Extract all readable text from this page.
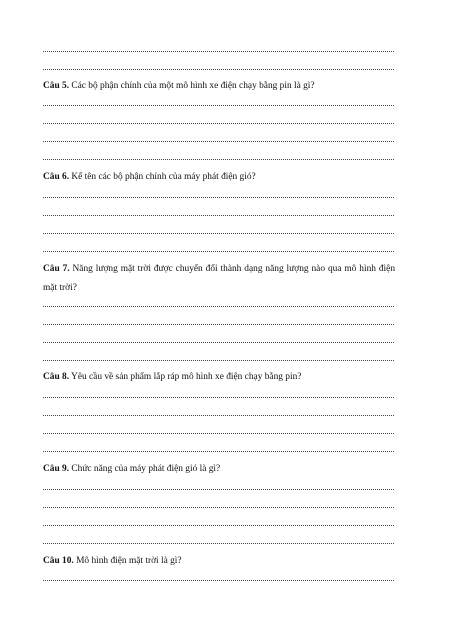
Câu 5. Các bộ phận chính của một mô hình xe điện chạy bằng pin là gì?
Câu 6. Kể tên các bộ phận chính của máy phát điện gió?
Câu 7. Năng lượng mặt trời được chuyển đổi thành dạng năng lượng nào qua mô hình điện mặt trời?
Câu 8. Yêu cầu về sản phẩm lắp ráp mô hình xe điện chạy bằng pin?
Câu 9. Chức năng của máy phát điện gió là gì?
Câu 10. Mô hình điện mặt trời là gì?
